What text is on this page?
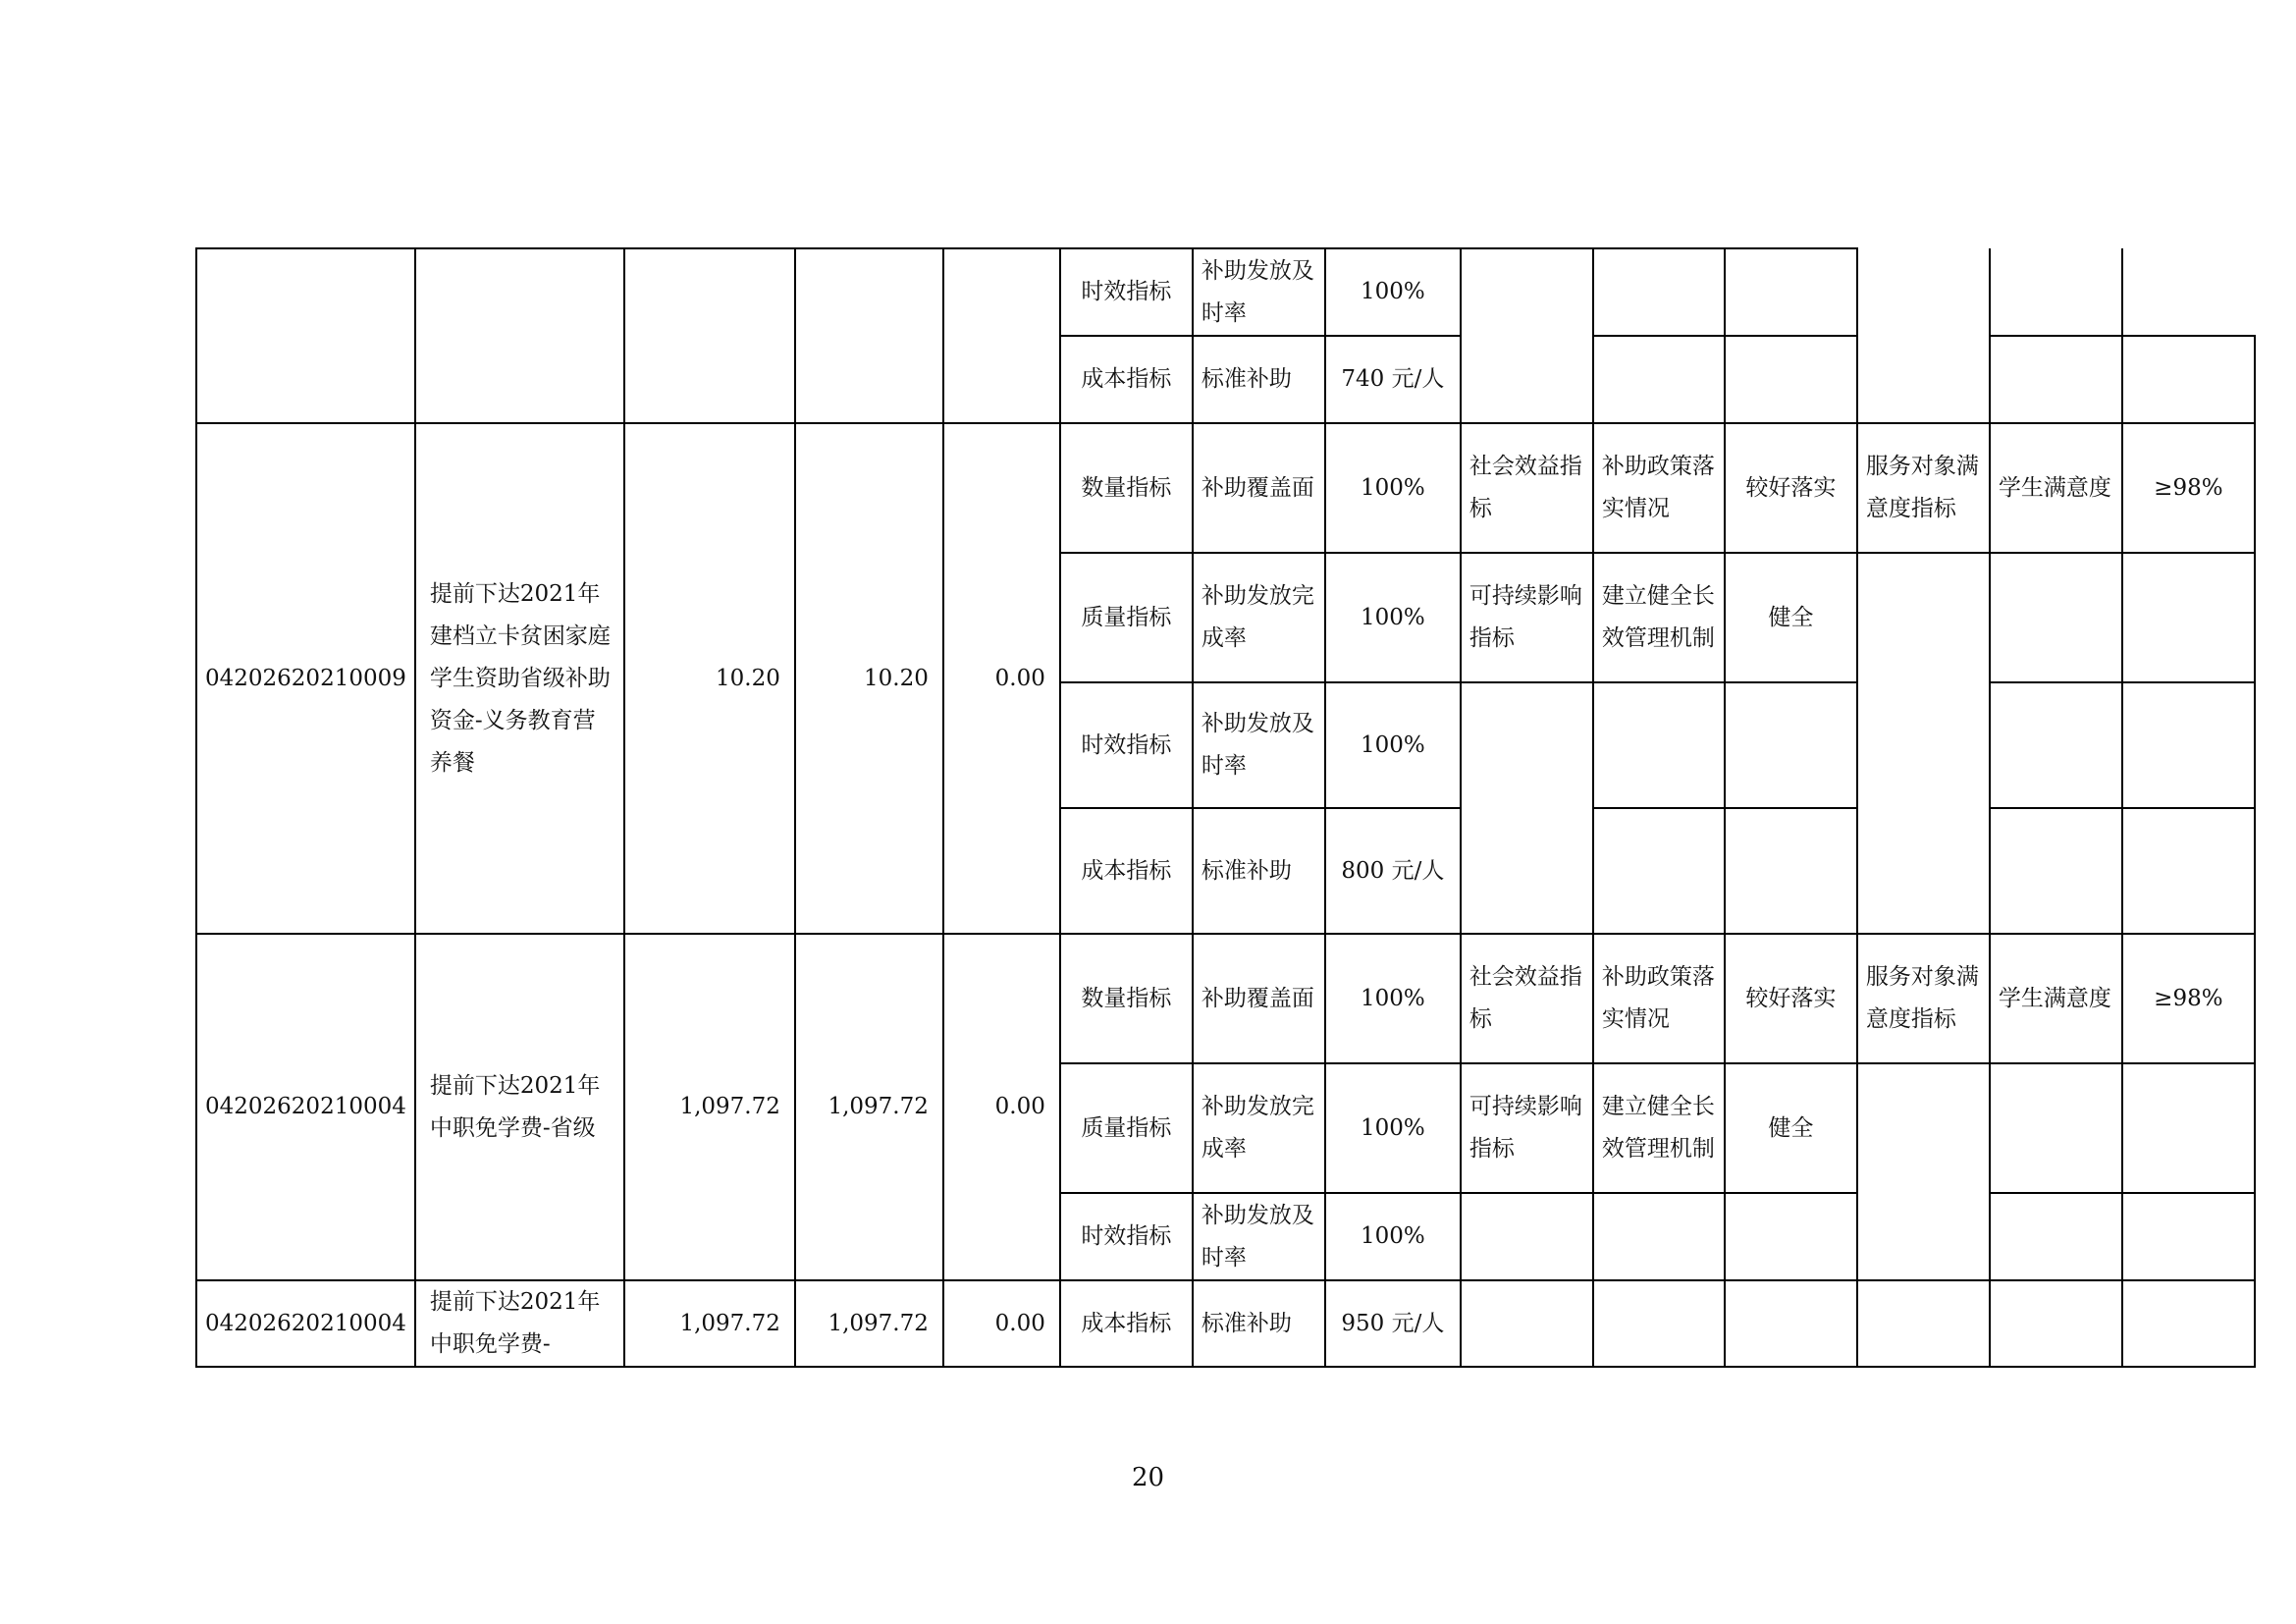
					时效指标	补助发放及时率	100%						
					成本指标	标准补助	740 元/人						
04202620210009	提前下达2021年建档立卡贫困家庭学生资助省级补助资金-义务教育营养餐	10.20	10.20	0.00	数量指标	补助覆盖面	100%	社会效益指标	补助政策落实情况	较好落实	服务对象满意度指标	学生满意度	≥98%
					质量指标	补助发放完成率	100%	可持续影响指标	建立健全长效管理机制	健全			
					时效指标	补助发放及时率	100%						
					成本指标	标准补助	800 元/人						
04202620210004	提前下达2021年中职免学费-省级	1,097.72	1,097.72	0.00	数量指标	补助覆盖面	100%	社会效益指标	补助政策落实情况	较好落实	服务对象满意度指标	学生满意度	≥98%
					质量指标	补助发放完成率	100%	可持续影响指标	建立健全长效管理机制	健全			
					时效指标	补助发放及时率	100%						
04202620210004	提前下达2021年中职免学费-	1,097.72	1,097.72	0.00	成本指标	标准补助	950 元/人						
20
